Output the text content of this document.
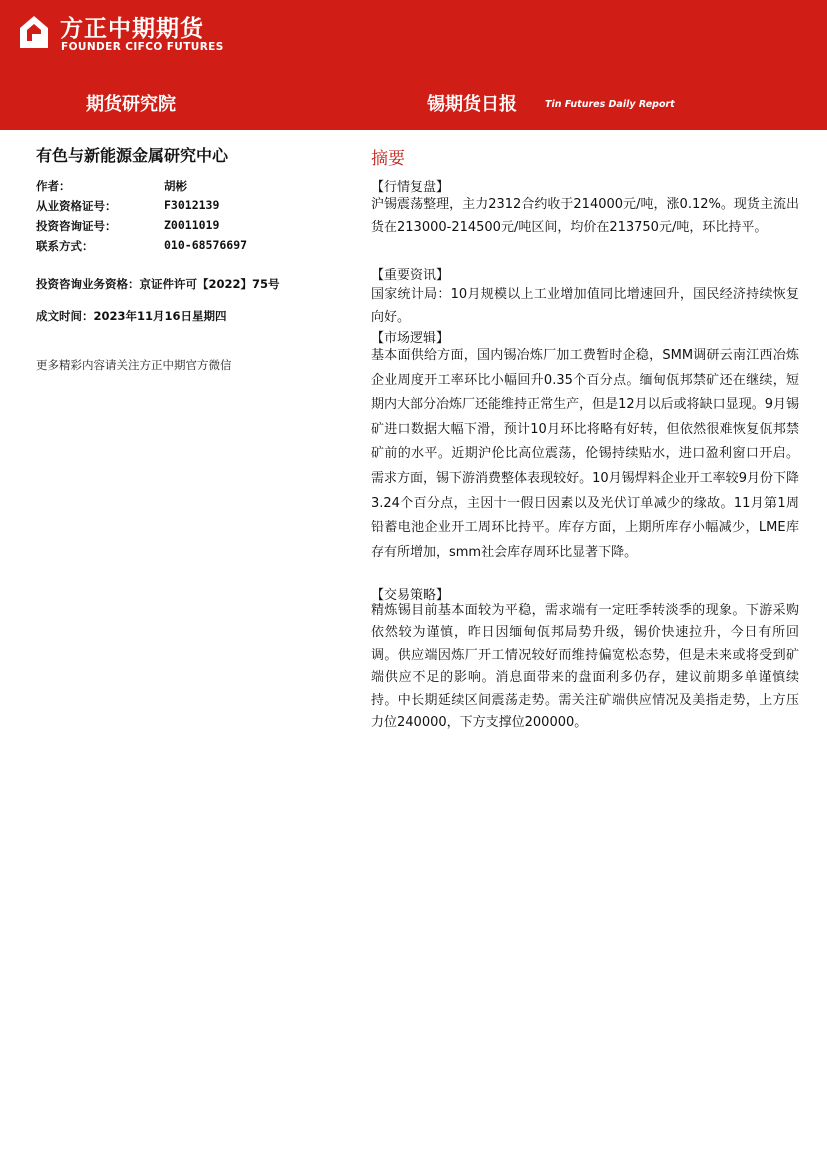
方正中期期货
FOUNDER CIFCO FUTURES
期货研究院	锡期货日报	Tin Futures Daily Report
有色与新能源金属研究中心
作者：	胡彬
从业资格证号：	F3012139
投资咨询证号：	Z0011019
联系方式：	010-68576697
投资咨询业务资格：京证件许可【2022】75号
成文时间：2023年11月16日星期四
更多精彩内容请关注方正中期官方微信
摘要
【行情复盘】

沪锡震荡整理，主力2312合约收于214000元/吨，涨0.12%。现货主流出货在213000-214500元/吨区间，均价在213750元/吨，环比持平。

【重要资讯】

国家统计局：10月规模以上工业增加值同比增速回升，国民经济持续恢复向好。

【市场逻辑】

基本面供给方面，国内锡冶炼厂加工费暂时企稳，SMM调研云南江西冶炼企业周度开工率环比小幅回升0.35个百分点。缅甸佤邦禁矿还在继续，短期内大部分冶炼厂还能维持正常生产，但是12月以后或将缺口显现。9月锡矿进口数据大幅下滑，预计10月环比将略有好转，但依然很难恢复佤邦禁矿前的水平。近期沪伦比高位震荡，伦锡持续贴水，进口盈利窗口开启。需求方面，锡下游消费整体表现较好。10月锡焊料企业开工率较9月份下降3.24个百分点，主因十一假日因素以及光伏订单减少的缘故。11月第1周铅蓄电池企业开工周环比持平。库存方面，上期所库存小幅减少，LME库存有所增加，smm社会库存周环比显著下降。

【交易策略】

精炼锡目前基本面较为平稳，需求端有一定旺季转淡季的现象。下游采购依然较为谨慎，昨日因缅甸佤邦局势升级，锡价快速拉升，今日有所回调。供应端因炼厂开工情况较好而维持偏宽松态势，但是未来或将受到矿端供应不足的影响。消息面带来的盘面利多仍存，建议前期多单谨慎续持。中长期延续区间震荡走势。需关注矿端供应情况及美指走势，上方压力位240000，下方支撑位200000。
